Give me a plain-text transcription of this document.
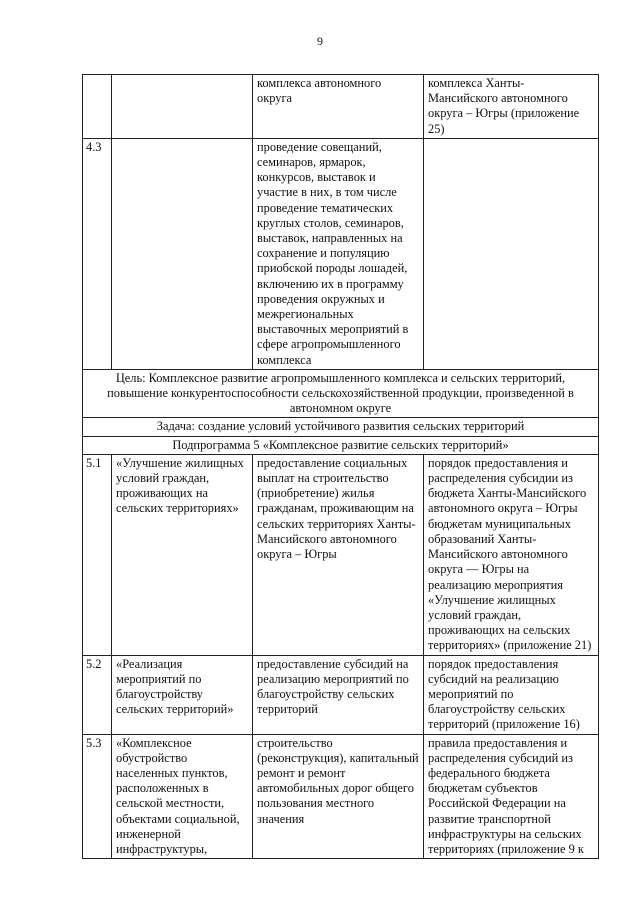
9
		комплекса автономного округа	комплекса Ханты-Мансийского автономного округа – Югры (приложение 25)
4.3		проведение совещаний, семинаров, ярмарок, конкурсов, выставок и участие в них, в том числе проведение тематических круглых столов, семинаров, выставок, направленных на сохранение и популяцию приобской породы лошадей, включению их в программу проведения окружных и межрегиональных выставочных мероприятий в сфере агропромышленного комплекса	
Цель: Комплексное развитие агропромышленного комплекса и сельских территорий, повышение конкурентоспособности сельскохозяйственной продукции, произведенной в автономном округе			
Задача: создание условий устойчивого развития сельских территорий			
Подпрограмма 5 «Комплексное развитие сельских территорий»			
5.1	«Улучшение жилищных условий граждан, проживающих на сельских территориях»	предоставление социальных выплат на строительство (приобретение) жилья гражданам, проживающим на сельских территориях Ханты-Мансийского автономного округа – Югры	порядок предоставления и распределения субсидии из бюджета Ханты-Мансийского автономного округа – Югры бюджетам муниципальных образований Ханты-Мансийского автономного округа — Югры на реализацию мероприятия «Улучшение жилищных условий граждан, проживающих на сельских территориях» (приложение 21)
5.2	«Реализация мероприятий по благоустройству сельских территорий»	предоставление субсидий на реализацию мероприятий по благоустройству сельских территорий	порядок предоставления субсидий на реализацию мероприятий по благоустройству сельских территорий (приложение 16)
5.3	«Комплексное обустройство населенных пунктов, расположенных в сельской местности, объектами социальной, инженерной инфраструктуры,	строительство (реконструкция), капитальный ремонт и ремонт автомобильных дорог общего пользования местного значения	правила предоставления и распределения субсидий из федерального бюджета бюджетам субъектов Российской Федерации на развитие транспортной инфраструктуры на сельских территориях (приложение 9 к
